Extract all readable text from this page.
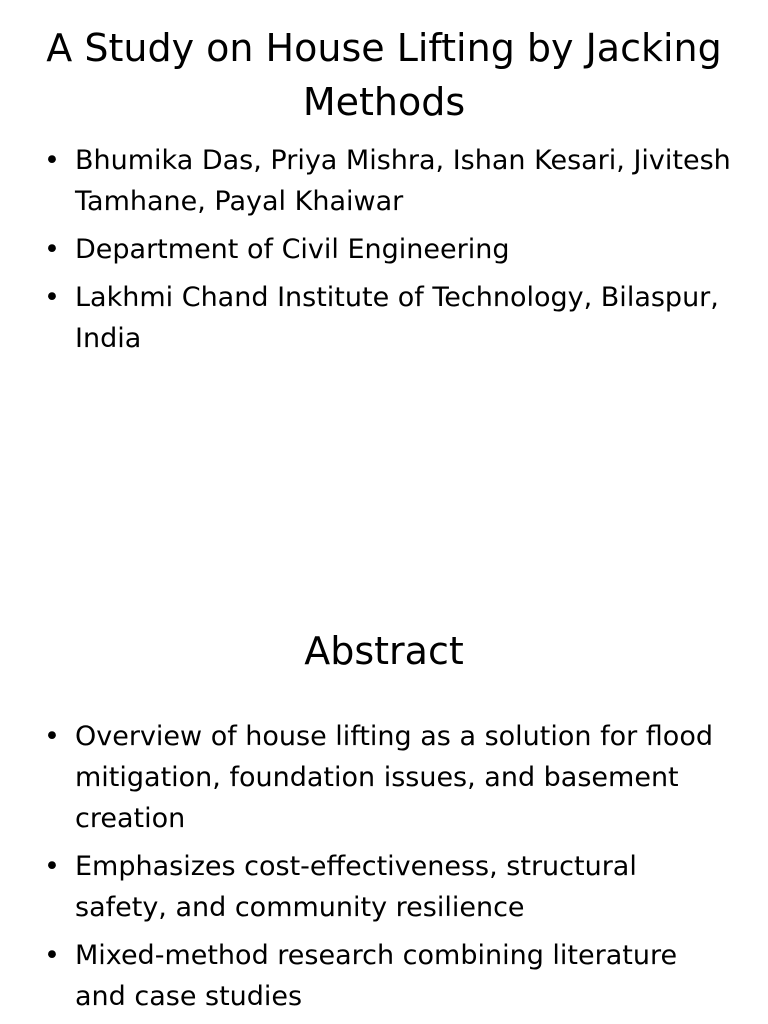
A Study on House Lifting by Jacking Methods
• Bhumika Das, Priya Mishra, Ishan Kesari, Jivitesh Tamhane, Payal Khaiwar
• Department of Civil Engineering
• Lakhmi Chand Institute of Technology, Bilaspur, India
Abstract
• Overview of house lifting as a solution for flood mitigation, foundation issues, and basement creation
• Emphasizes cost-effectiveness, structural safety, and community resilience
• Mixed-method research combining literature and case studies
